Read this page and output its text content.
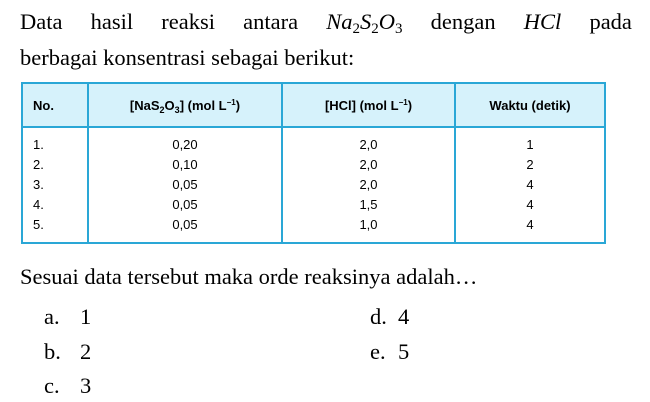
Data hasil reaksi antara $Na_2S_2O_3$ dengan HCl pada
berbagai konsentrasi sebagai berikut:
No.	$[NaS_2O_3]$ (mol $L^{-1}$)	[HCl] (mol $L^{-1}$)	Waktu (detik)
1.	0,20	2,0	1
2.	0,10	2,0	2
3.	0,05	2,0	4
4.	0,05	1,5	4
5.	0,05	1,0	4
Sesuai data tersebut maka orde reaksinya adalah…
a. 1
b. 2
c. 3
d. 4
e. 5
